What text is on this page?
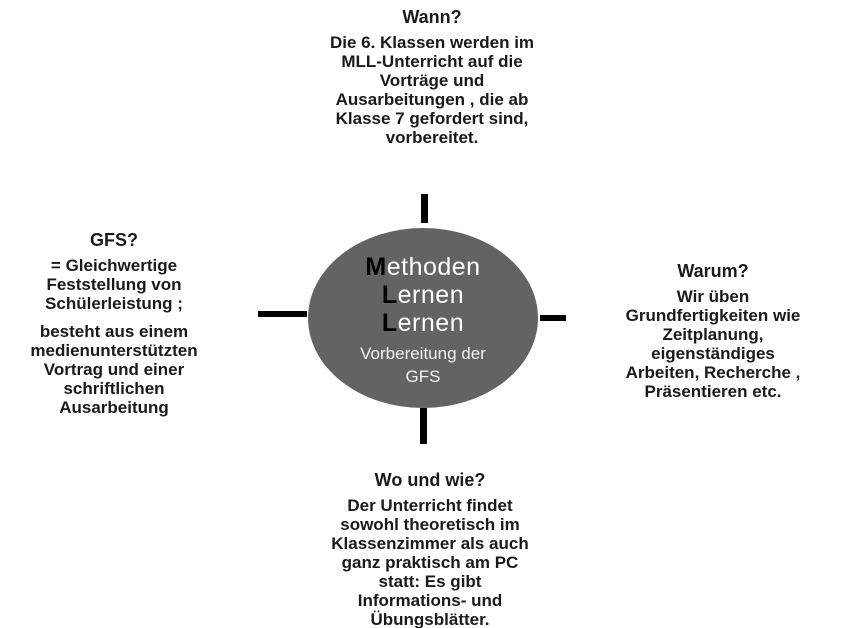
Wann?
Die 6. Klassen werden im
MLL-Unterricht auf die
Vorträge und
Ausarbeitungen , die ab
Klasse 7 gefordert sind,
vorbereitet.
GFS?
= Gleichwertige
Feststellung von
Schülerleistung ;
besteht aus einem
medienunterstützten
Vortrag und einer
schriftlichen
Ausarbeitung
Warum?
Wir üben
Grundfertigkeiten wie
Zeitplanung,
eigenständiges
Arbeiten, Recherche ,
Präsentieren etc.
Wo und wie?
Der Unterricht findet
sowohl theoretisch im
Klassenzimmer als auch
ganz praktisch am PC
statt: Es gibt
Informations- und
Übungsblätter.
Methoden
Lernen
Lernen
Vorbereitung der
GFS
